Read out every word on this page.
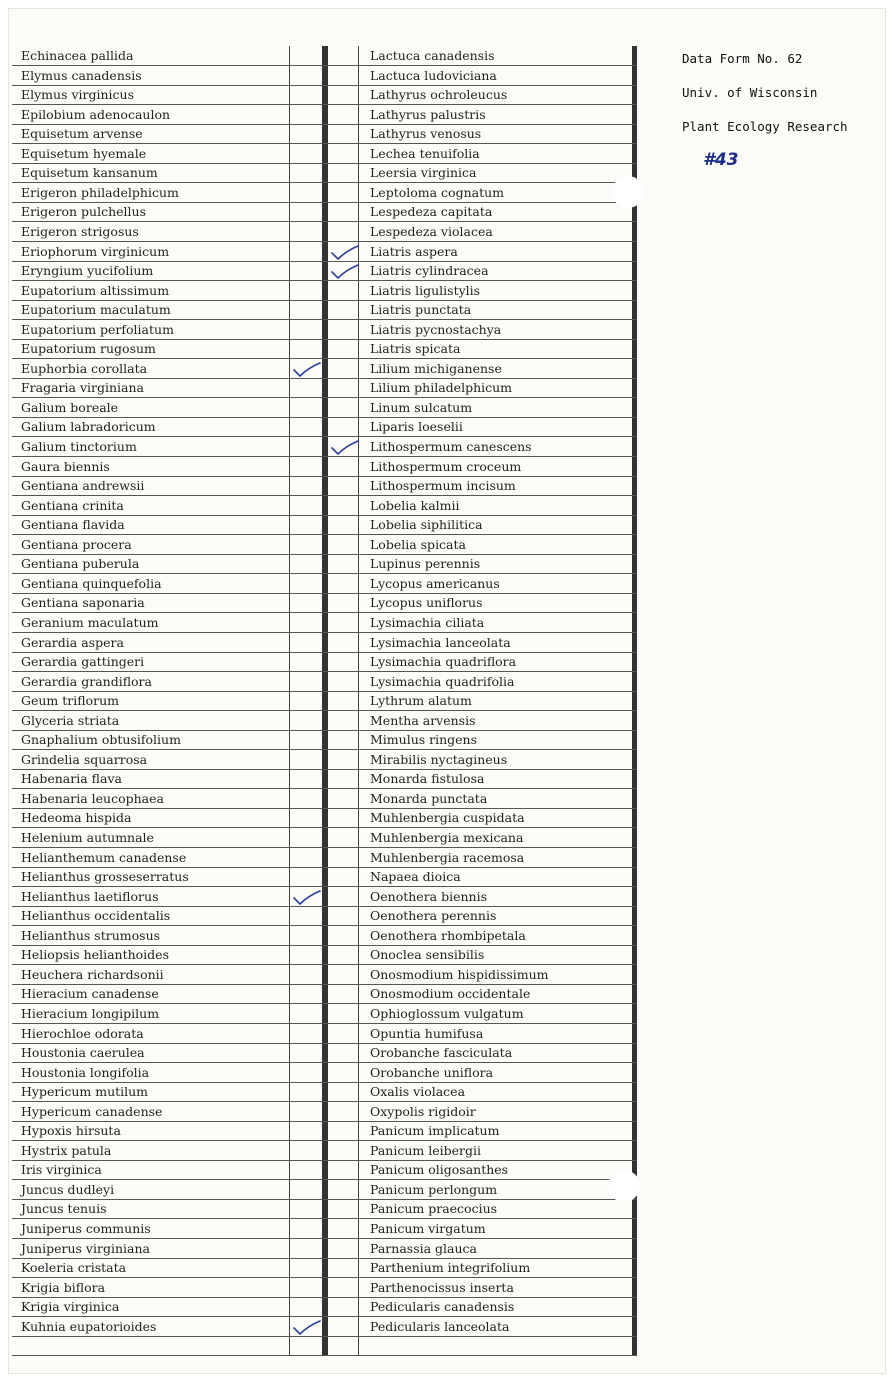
Data Form No. 62
Univ. of Wisconsin
Plant Ecology Research
#43
Echinacea pallida
Elymus canadensis
Elymus virginicus
Epilobium adenocaulon
Equisetum arvense
Equisetum hyemale
Equisetum kansanum
Erigeron philadelphicum
Erigeron pulchellus
Erigeron strigosus
Eriophorum virginicum
Eryngium yucifolium
Eupatorium altissimum
Eupatorium maculatum
Eupatorium perfoliatum
Eupatorium rugosum
Euphorbia corollata
Fragaria virginiana
Galium boreale
Galium labradoricum
Galium tinctorium
Gaura biennis
Gentiana andrewsii
Gentiana crinita
Gentiana flavida
Gentiana procera
Gentiana puberula
Gentiana quinquefolia
Gentiana saponaria
Geranium maculatum
Gerardia aspera
Gerardia gattingeri
Gerardia grandiflora
Geum triflorum
Glyceria striata
Gnaphalium obtusifolium
Grindelia squarrosa
Habenaria flava
Habenaria leucophaea
Hedeoma hispida
Helenium autumnale
Helianthemum canadense
Helianthus grosseserratus
Helianthus laetiflorus
Helianthus occidentalis
Helianthus strumosus
Heliopsis helianthoides
Heuchera richardsonii
Hieracium canadense
Hieracium longipilum
Hierochloe odorata
Houstonia caerulea
Houstonia longifolia
Hypericum mutilum
Hypericum canadense
Hypoxis hirsuta
Hystrix patula
Iris virginica
Juncus dudleyi
Juncus tenuis
Juniperus communis
Juniperus virginiana
Koeleria cristata
Krigia biflora
Krigia virginica
Kuhnia eupatorioides
Lactuca canadensis
Lactuca ludoviciana
Lathyrus ochroleucus
Lathyrus palustris
Lathyrus venosus
Lechea tenuifolia
Leersia virginica
Leptoloma cognatum
Lespedeza capitata
Lespedeza violacea
Liatris aspera
Liatris cylindracea
Liatris ligulistylis
Liatris punctata
Liatris pycnostachya
Liatris spicata
Lilium michiganense
Lilium philadelphicum
Linum sulcatum
Liparis loeselii
Lithospermum canescens
Lithospermum croceum
Lithospermum incisum
Lobelia kalmii
Lobelia siphilitica
Lobelia spicata
Lupinus perennis
Lycopus americanus
Lycopus uniflorus
Lysimachia ciliata
Lysimachia lanceolata
Lysimachia quadriflora
Lysimachia quadrifolia
Lythrum alatum
Mentha arvensis
Mimulus ringens
Mirabilis nyctagineus
Monarda fistulosa
Monarda punctata
Muhlenbergia cuspidata
Muhlenbergia mexicana
Muhlenbergia racemosa
Napaea dioica
Oenothera biennis
Oenothera perennis
Oenothera rhombipetala
Onoclea sensibilis
Onosmodium hispidissimum
Onosmodium occidentale
Ophioglossum vulgatum
Opuntia humifusa
Orobanche fasciculata
Orobanche uniflora
Oxalis violacea
Oxypolis rigidoir
Panicum implicatum
Panicum leibergii
Panicum oligosanthes
Panicum perlongum
Panicum praecocius
Panicum virgatum
Parnassia glauca
Parthenium integrifolium
Parthenocissus inserta
Pedicularis canadensis
Pedicularis lanceolata
